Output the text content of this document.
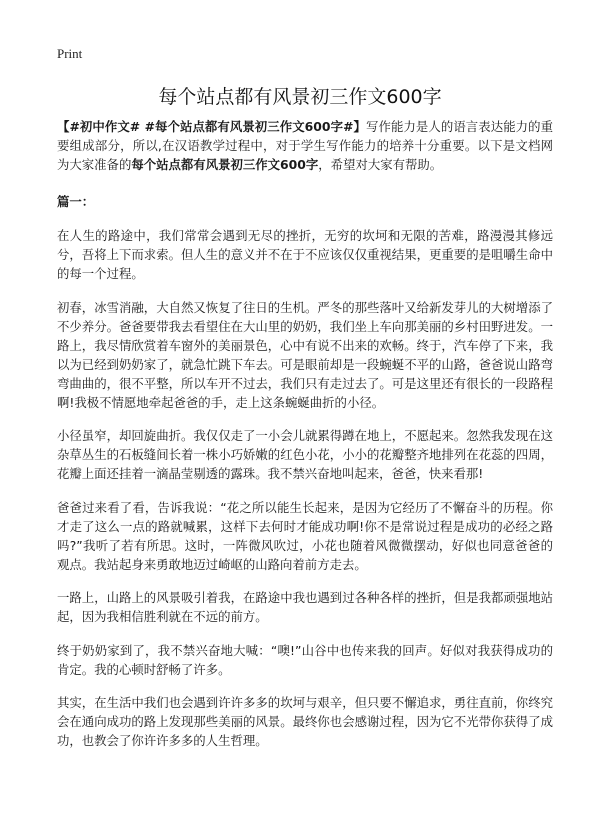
Print
每个站点都有风景初三作文600字

【#初中作文# #每个站点都有风景初三作文600字#】写作能力是人的语言表达能力的重要组成部分，所以,在汉语教学过程中，对于学生写作能力的培养十分重要。以下是文档网为大家准备的每个站点都有风景初三作文600字，希望对大家有帮助。

篇一：

在人生的路途中，我们常常会遇到无尽的挫折，无穷的坎坷和无限的苦难，路漫漫其修远兮，吾将上下而求索。但人生的意义并不在于不应该仅仅重视结果，更重要的是咀嚼生命中的每一个过程。

初春，冰雪消融，大自然又恢复了往日的生机。严冬的那些落叶又给新发芽儿的大树增添了不少养分。爸爸要带我去看望住在大山里的奶奶，我们坐上车向那美丽的乡村田野进发。一路上，我尽情欣赏着车窗外的美丽景色，心中有说不出来的欢畅。终于，汽车停了下来，我以为已经到奶奶家了，就急忙跳下车去。可是眼前却是一段蜿蜒不平的山路，爸爸说山路弯弯曲曲的，很不平整，所以车开不过去，我们只有走过去了。可是这里还有很长的一段路程啊!我极不情愿地牵起爸爸的手，走上这条蜿蜒曲折的小径。

小径虽窄，却回旋曲折。我仅仅走了一小会儿就累得蹲在地上，不愿起来。忽然我发现在这杂草丛生的石板缝间长着一株小巧娇嫩的红色小花，小小的花瓣整齐地排列在花蕊的四周，花瓣上面还挂着一滴晶莹剔透的露珠。我不禁兴奋地叫起来，爸爸，快来看那!

爸爸过来看了看，告诉我说：“花之所以能生长起来，是因为它经历了不懈奋斗的历程。你才走了这么一点的路就喊累，这样下去何时才能成功啊!你不是常说过程是成功的必经之路吗?”我听了若有所思。这时，一阵微风吹过，小花也随着风微微摆动，好似也同意爸爸的观点。我站起身来勇敢地迈过崎岖的山路向着前方走去。

一路上，山路上的风景吸引着我，在路途中我也遇到过各种各样的挫折，但是我都顽强地站起，因为我相信胜利就在不远的前方。

终于奶奶家到了，我不禁兴奋地大喊：“噢!”山谷中也传来我的回声。好似对我获得成功的肯定。我的心顿时舒畅了许多。

其实，在生活中我们也会遇到许许多多的坎坷与艰辛，但只要不懈追求，勇往直前，你终究会在通向成功的路上发现那些美丽的风景。最终你也会感谢过程，因为它不光带你获得了成功，也教会了你许许多多的人生哲理。
